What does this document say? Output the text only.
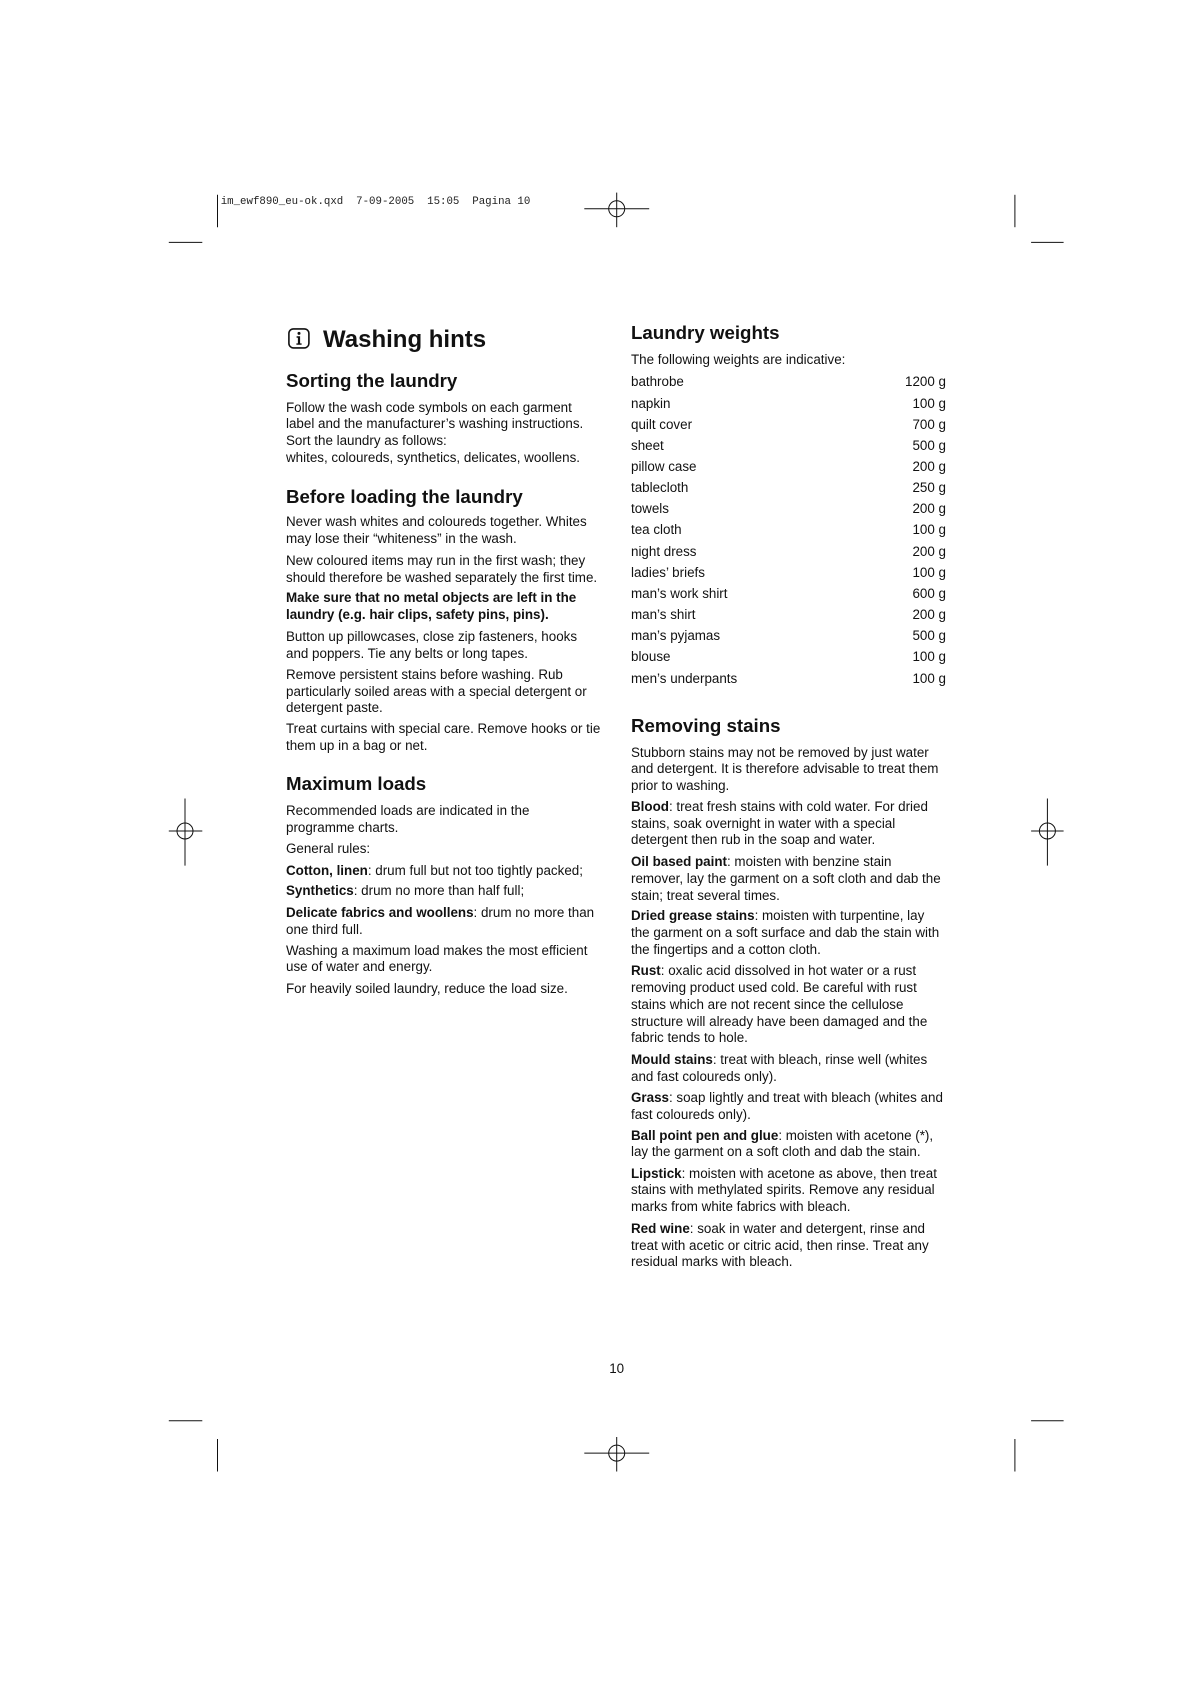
im_ewf890_eu-ok.qxd  7-09-2005  15:05  Pagina 10
Washing hints
Sorting the laundry

Follow the wash code symbols on each garment
label and the manufacturer’s washing instructions.
Sort the laundry as follows:
whites, coloureds, synthetics, delicates, woollens.

Before loading the laundry

Never wash whites and coloureds together. Whites
may lose their “whiteness” in the wash.

New coloured items may run in the first wash; they
should therefore be washed separately the first time.

Make sure that no metal objects are left in the
laundry (e.g. hair clips, safety pins, pins).

Button up pillowcases, close zip fasteners, hooks
and poppers. Tie any belts or long tapes.

Remove persistent stains before washing. Rub
particularly soiled areas with a special detergent or
detergent paste.

Treat curtains with special care. Remove hooks or tie
them up in a bag or net.

Maximum loads

Recommended loads are indicated in the
programme charts.

General rules:

Cotton, linen: drum full but not too tightly packed;

Synthetics: drum no more than half full;

Delicate fabrics and woollens: drum no more than
one third full.

Washing a maximum load makes the most efficient
use of water and energy.

For heavily soiled laundry, reduce the load size.

Laundry weights

The following weights are indicative:

bathrobe	1200 g
napkin	100 g
quilt cover	700 g
sheet	500 g
pillow case	200 g
tablecloth	250 g
towels	200 g
tea cloth	100 g
night dress	200 g
ladies’ briefs	100 g
man’s work shirt	600 g
man’s shirt	200 g
man’s pyjamas	500 g
blouse	100 g
men’s underpants	100 g
Removing stains

Stubborn stains may not be removed by just water
and detergent. It is therefore advisable to treat them
prior to washing.

Blood: treat fresh stains with cold water. For dried
stains, soak overnight in water with a special
detergent then rub in the soap and water.

Oil based paint: moisten with benzine stain
remover, lay the garment on a soft cloth and dab the
stain; treat several times.

Dried grease stains: moisten with turpentine, lay
the garment on a soft surface and dab the stain with
the fingertips and a cotton cloth.

Rust: oxalic acid dissolved in hot water or a rust
removing product used cold. Be careful with rust
stains which are not recent since the cellulose
structure will already have been damaged and the
fabric tends to hole.

Mould stains: treat with bleach, rinse well (whites
and fast coloureds only).

Grass: soap lightly and treat with bleach (whites and
fast coloureds only).

Ball point pen and glue: moisten with acetone (*),
lay the garment on a soft cloth and dab the stain.

Lipstick: moisten with acetone as above, then treat
stains with methylated spirits. Remove any residual
marks from white fabrics with bleach.

Red wine: soak in water and detergent, rinse and
treat with acetic or citric acid, then rinse. Treat any
residual marks with bleach.

10
